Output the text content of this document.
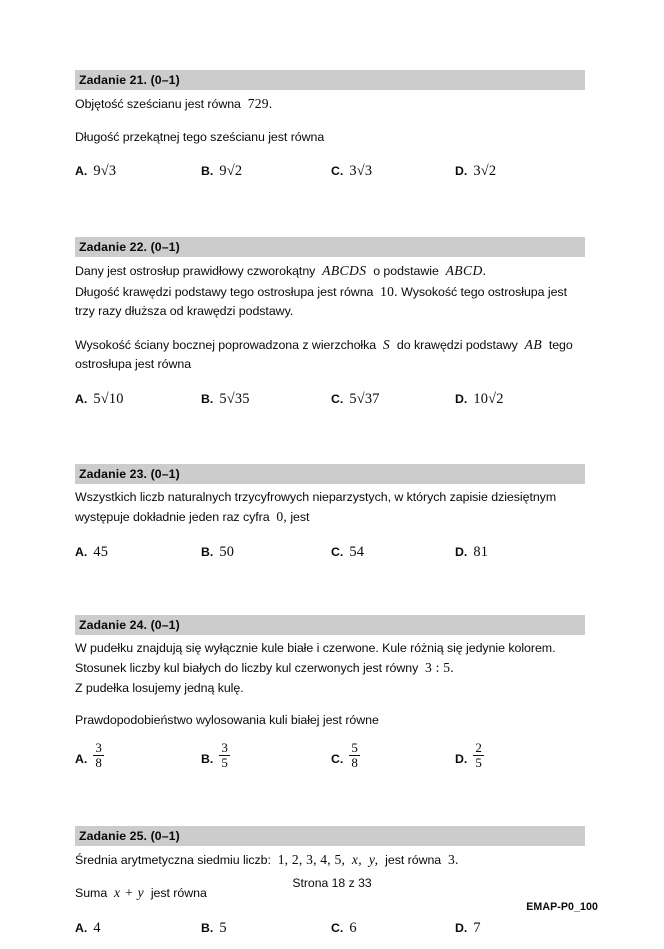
Zadanie 21. (0–1)

Objętość sześcianu jest równa 729.

Długość przekątnej tego sześcianu jest równa

A. 9 √3	B. 9 √2	C. 3 √3	D. 3 √2
Zadanie 22. (0–1)

Dany jest ostrosłup prawidłowy czworokątny ABCDS o podstawie ABCD.

Długość krawędzi podstawy tego ostrosłupa jest równa 10. Wysokość tego ostrosłupa jest trzy razy dłuższa od krawędzi podstawy.

Wysokość ściany bocznej poprowadzona z wierzchołka S do krawędzi podstawy AB tego ostrosłupa jest równa

A. 5 √10	B. 5 √35	C. 5 √37	D. 10 √2
Zadanie 23. (0–1)

Wszystkich liczb naturalnych trzycyfrowych nieparzystych, w których zapisie dziesiętnym występuje dokładnie jeden raz cyfra 0, jest

A. 45	B. 50	C. 54	D. 81
Zadanie 24. (0–1)

W pudełku znajdują się wyłącznie kule białe i czerwone. Kule różnią się jedynie kolorem.

Stosunek liczby kul białych do liczby kul czerwonych jest równy 3 : 5.

Z pudełka losujemy jedną kulę.

Prawdopodobieństwo wylosowania kuli białej jest równe

A. $\frac{3}{8}$	B. $\frac{3}{5}$	C. $\frac{5}{8}$	D. $\frac{2}{5}$
Zadanie 25. (0–1)

Średnia arytmetyczna siedmiu liczb: 1, 2, 3, 4, 5, x, y, jest równa 3.

Suma x + y jest równa

A. 4	B. 5	C. 6	D. 7
Strona 18 z 33
EMAP-P0_100
